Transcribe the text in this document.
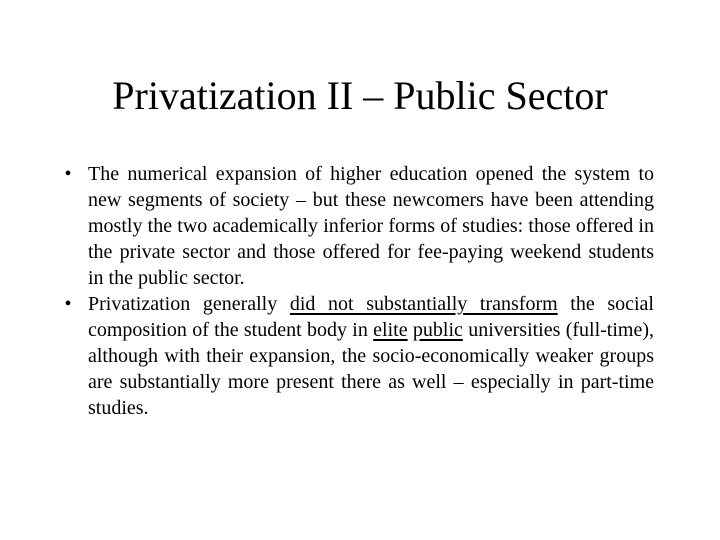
Privatization II – Public Sector
• The numerical expansion of higher education opened the system to new segments of society – but these newcomers have been attending mostly the two academically inferior forms of studies: those offered in the private sector and those offered for fee-paying weekend students in the public sector.
• Privatization generally did not substantially transform the social composition of the student body in elite public universities (full-time), although with their expansion, the socio-economically weaker groups are substantially more present there as well – especially in part-time studies.
